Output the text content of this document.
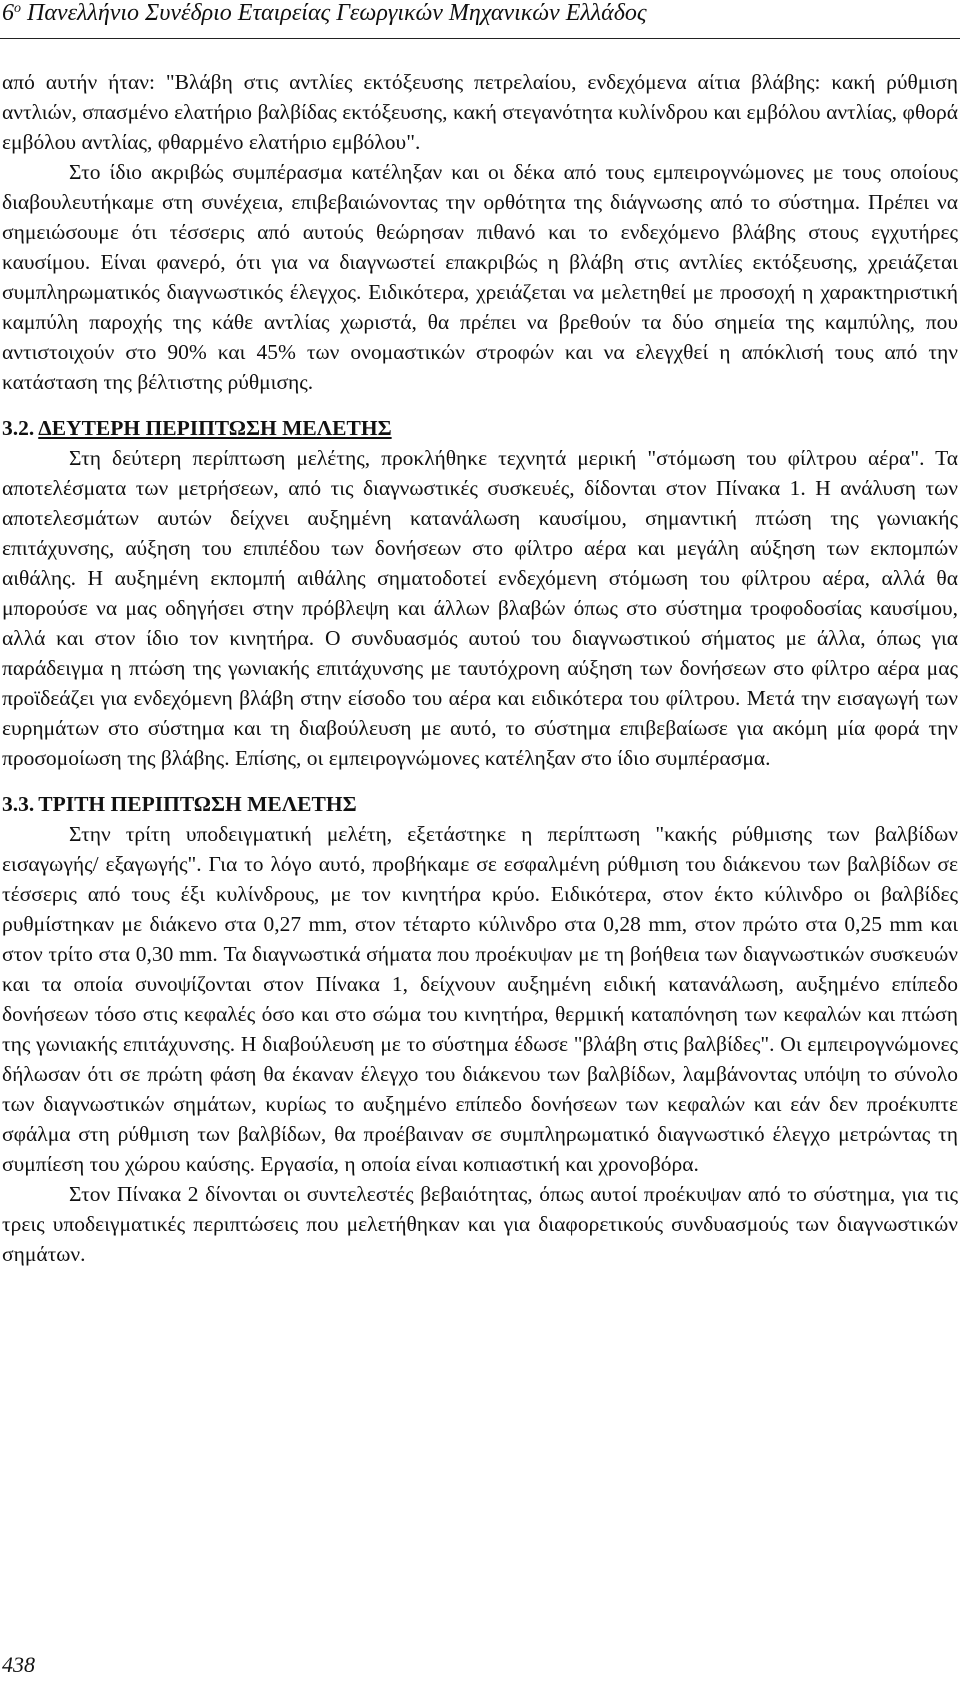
$6^o$ Πανελλήνιο Συνέδριο Εταιρείας Γεωργικών Μηχανικών Ελλάδος

από αυτήν ήταν: "Βλάβη στις αντλίες εκτόξευσης πετρελαίου, ενδεχόμενα αίτια βλάβης: κακή ρύθμιση αντλιών, σπασμένο ελατήριο βαλβίδας εκτόξευσης, κακή στεγανότητα κυλίνδρου και εμβόλου αντλίας, φθορά εμβόλου αντλίας, φθαρμένο ελατήριο εμβόλου".

Στο ίδιο ακριβώς συμπέρασμα κατέληξαν και οι δέκα από τους εμπειρογνώμονες με τους οποίους διαβουλευτήκαμε στη συνέχεια, επιβεβαιώνοντας την ορθότητα της διάγνωσης από το σύστημα. Πρέπει να σημειώσουμε ότι τέσσερις από αυτούς θεώρησαν πιθανό και το ενδεχόμενο βλάβης στους εγχυτήρες καυσίμου. Είναι φανερό, ότι για να διαγνωστεί επακριβώς η βλάβη στις αντλίες εκτόξευσης, χρειάζεται συμπληρωματικός διαγνωστικός έλεγχος. Ειδικότερα, χρειάζεται να μελετηθεί με προσοχή η χαρακτηριστική καμπύλη παροχής της κάθε αντλίας χωριστά, θα πρέπει να βρεθούν τα δύο σημεία της καμπύλης, που αντιστοιχούν στο 90% και 45% των ονομαστικών στροφών και να ελεγχθεί η απόκλισή τους από την κατάσταση της βέλτιστης ρύθμισης.

3.2. ΔΕΥΤΕΡΗ ΠΕΡΙΠΤΩΣΗ ΜΕΛΕΤΗΣ

Στη δεύτερη περίπτωση μελέτης, προκλήθηκε τεχνητά μερική "στόμωση του φίλτρου αέρα". Τα αποτελέσματα των μετρήσεων, από τις διαγνωστικές συσκευές, δίδονται στον Πίνακα 1. Η ανάλυση των αποτελεσμάτων αυτών δείχνει αυξημένη κατανάλωση καυσίμου, σημαντική πτώση της γωνιακής επιτάχυνσης, αύξηση του επιπέδου των δονήσεων στο φίλτρο αέρα και μεγάλη αύξηση των εκπομπών αιθάλης. Η αυξημένη εκπομπή αιθάλης σηματοδοτεί ενδεχόμενη στόμωση του φίλτρου αέρα, αλλά θα μπορούσε να μας οδηγήσει στην πρόβλεψη και άλλων βλαβών όπως στο σύστημα τροφοδοσίας καυσίμου, αλλά και στον ίδιο τον κινητήρα. Ο συνδυασμός αυτού του διαγνωστικού σήματος με άλλα, όπως για παράδειγμα η πτώση της γωνιακής επιτάχυνσης με ταυτόχρονη αύξηση των δονήσεων στο φίλτρο αέρα μας προϊδεάζει για ενδεχόμενη βλάβη στην είσοδο του αέρα και ειδικότερα του φίλτρου. Μετά την εισαγωγή των ευρημάτων στο σύστημα και τη διαβούλευση με αυτό, το σύστημα επιβεβαίωσε για ακόμη μία φορά την προσομοίωση της βλάβης. Επίσης, οι εμπειρογνώμονες κατέληξαν στο ίδιο συμπέρασμα.

3.3. ΤΡΙΤΗ ΠΕΡΙΠΤΩΣΗ ΜΕΛΕΤΗΣ

Στην τρίτη υποδειγματική μελέτη, εξετάστηκε η περίπτωση "κακής ρύθμισης των βαλβίδων εισαγωγής/ εξαγωγής". Για το λόγο αυτό, προβήκαμε σε εσφαλμένη ρύθμιση του διάκενου των βαλβίδων σε τέσσερις από τους έξι κυλίνδρους, με τον κινητήρα κρύο. Ειδικότερα, στον έκτο κύλινδρο οι βαλβίδες ρυθμίστηκαν με διάκενο στα 0,27 mm, στον τέταρτο κύλινδρο στα 0,28 mm, στον πρώτο στα 0,25 mm και στον τρίτο στα 0,30 mm. Τα διαγνωστικά σήματα που προέκυψαν με τη βοήθεια των διαγνωστικών συσκευών και τα οποία συνοψίζονται στον Πίνακα 1, δείχνουν αυξημένη ειδική κατανάλωση, αυξημένο επίπεδο δονήσεων τόσο στις κεφαλές όσο και στο σώμα του κινητήρα, θερμική καταπόνηση των κεφαλών και πτώση της γωνιακής επιτάχυνσης. Η διαβούλευση με το σύστημα έδωσε "βλάβη στις βαλβίδες". Οι εμπειρογνώμονες δήλωσαν ότι σε πρώτη φάση θα έκαναν έλεγχο του διάκενου των βαλβίδων, λαμβάνοντας υπόψη το σύνολο των διαγνωστικών σημάτων, κυρίως το αυξημένο επίπεδο δονήσεων των κεφαλών και εάν δεν προέκυπτε σφάλμα στη ρύθμιση των βαλβίδων, θα προέβαιναν σε συμπληρωματικό διαγνωστικό έλεγχο μετρώντας τη συμπίεση του χώρου καύσης. Εργασία, η οποία είναι κοπιαστική και χρονοβόρα.

Στον Πίνακα 2 δίνονται οι συντελεστές βεβαιότητας, όπως αυτοί προέκυψαν από το σύστημα, για τις τρεις υποδειγματικές περιπτώσεις που μελετήθηκαν και για διαφορετικούς συνδυασμούς των διαγνωστικών σημάτων.

438
